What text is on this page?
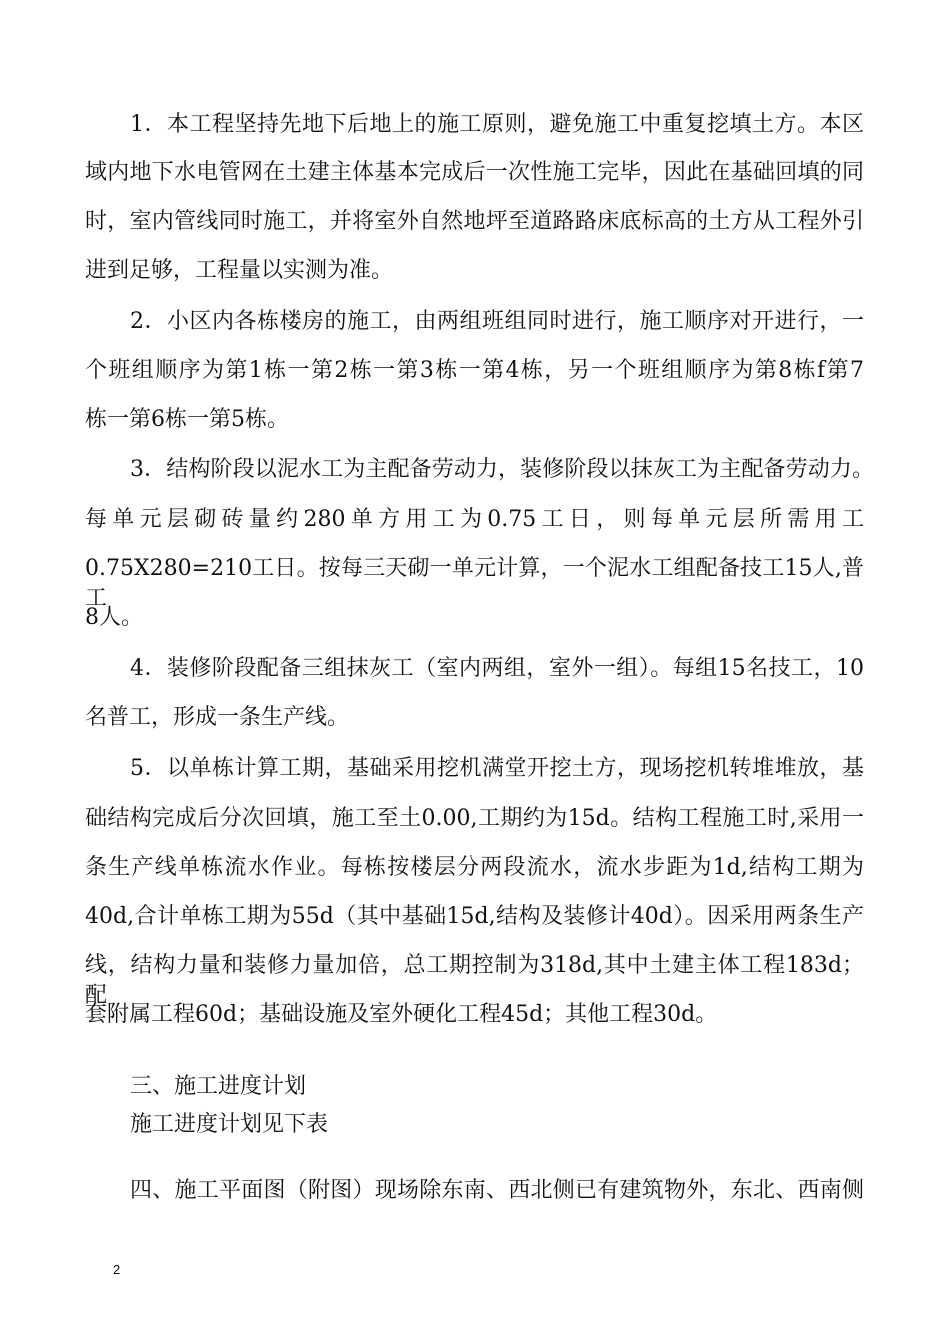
1．本工程坚持先地下后地上的施工原则，避免施工中重复挖填土方。本区
域内地下水电管网在土建主体基本完成后一次性施工完毕，因此在基础回填的同
时，室内管线同时施工，并将室外自然地坪至道路路床底标高的土方从工程外引
进到足够，工程量以实测为准。
2．小区内各栋楼房的施工，由两组班组同时进行，施工顺序对开进行，一
个班组顺序为第1栋一第2栋一第3栋一第4栋，另一个班组顺序为第8栋f第7
栋一第6栋一第5栋。
3．结构阶段以泥水工为主配备劳动力，装修阶段以抹灰工为主配备劳动力。
每单元层砌砖量约280单方用工为0.75工日，则每单元层所需用工
0.75X280=210工日。按每三天砌一单元计算，一个泥水工组配备技工15人,普工
8人。
4．装修阶段配备三组抹灰工（室内两组，室外一组）。每组15名技工，10
名普工，形成一条生产线。
5．以单栋计算工期，基础采用挖机满堂开挖土方，现场挖机转堆堆放，基
础结构完成后分次回填，施工至土0.00,工期约为15d。结构工程施工时,采用一
条生产线单栋流水作业。每栋按楼层分两段流水，流水步距为1d,结构工期为
40d,合计单栋工期为55d（其中基础15d,结构及装修计40d）。因采用两条生产
线，结构力量和装修力量加倍，总工期控制为318d,其中土建主体工程183d；配
套附属工程60d；基础设施及室外硬化工程45d；其他工程30d。
三、施工进度计划
施工进度计划见下表
四、施工平面图（附图）现场除东南、西北侧已有建筑物外，东北、西南侧
2
